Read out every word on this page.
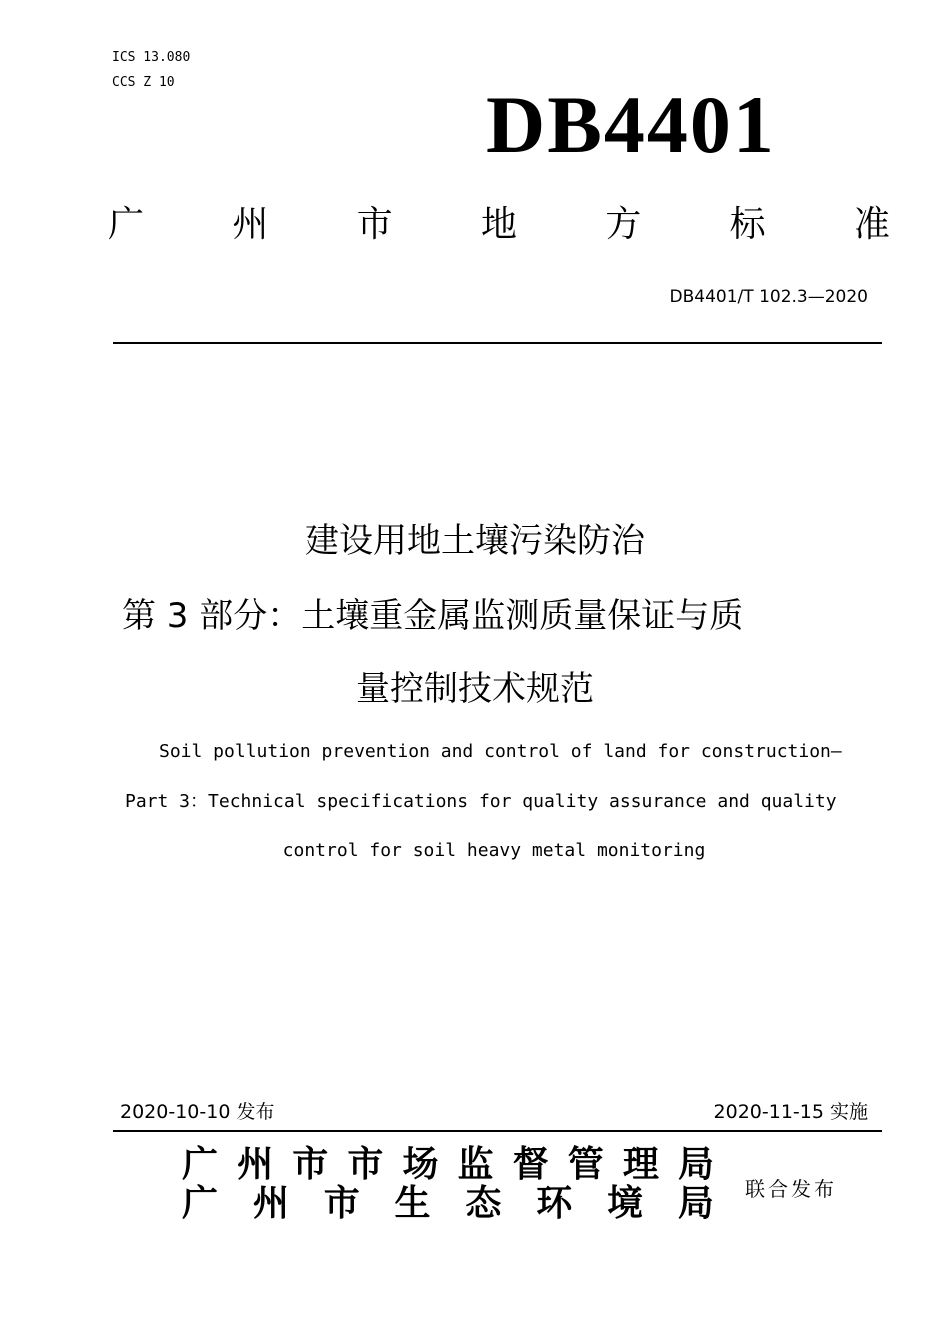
ICS 13.080
CCS Z 10	DB4401
广 州 市 地 方 标 准
DB4401/T 102.3—2020
建设用地土壤污染防治
第 3 部分：土壤重金属监测质量保证与质
量控制技术规范
Soil pollution prevention and control of land for construction—
Part 3：Technical specifications for quality assurance and quality
control for soil heavy metal monitoring
2020-10-10 发布	2020-11-15 实施
广 州 市 市 场 监 督 管 理 局
广 州 市 生 态 环 境 局 联合发布
